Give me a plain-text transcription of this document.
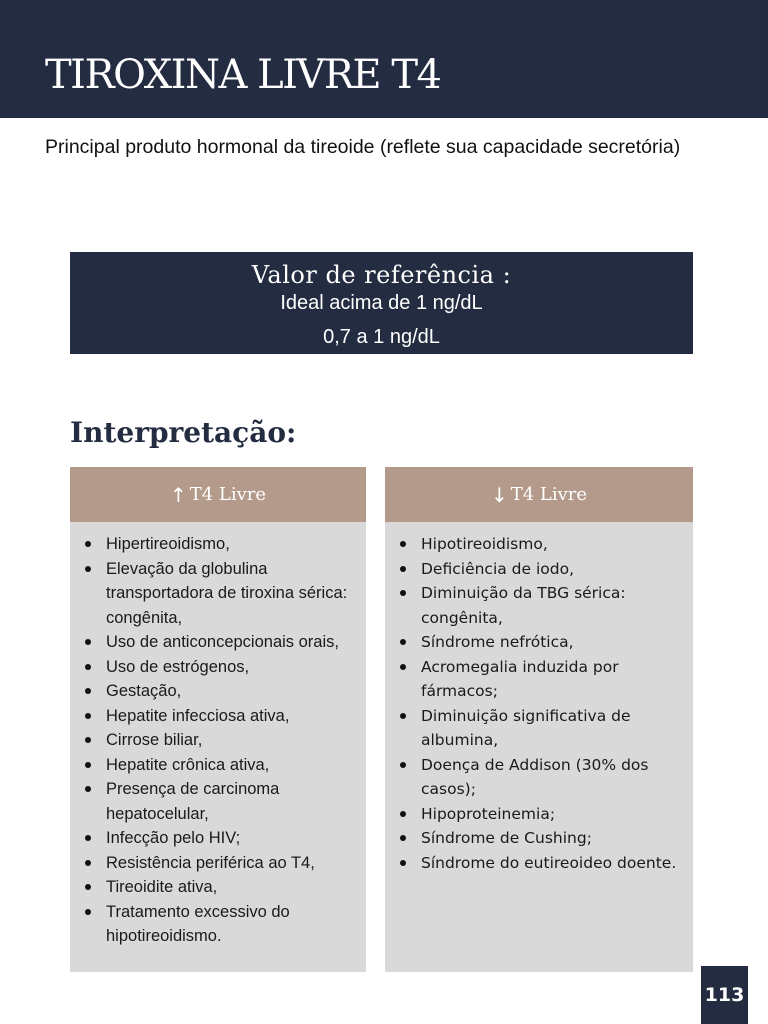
TIROXINA LIVRE T4

Principal produto hormonal da tireoide (reflete sua capacidade secretória)

Valor de referência :
Ideal acima de 1 ng/dL
0,7 a 1 ng/dL
Interpretação:
↑ T4 Livre
Hipertireoidismo,
Elevação da globulina transportadora de tiroxina sérica: congênita,
Uso de anticoncepcionais orais,
Uso de estrógenos,
Gestação,
Hepatite infecciosa ativa,
Cirrose biliar,
Hepatite crônica ativa,
Presença de carcinoma hepatocelular,
Infecção pelo HIV;
Resistência periférica ao T4,
Tireoidite ativa,
Tratamento excessivo do hipotireoidismo.
↓ T4 Livre
Hipotireoidismo,
Deficiência de iodo,
Diminuição da TBG sérica: congênita,
Síndrome nefrótica,
Acromegalia induzida por fármacos;
Diminuição significativa de albumina,
Doença de Addison (30% dos casos);
Hipoproteinemia;
Síndrome de Cushing;
Síndrome do eutireoideo doente.
113
